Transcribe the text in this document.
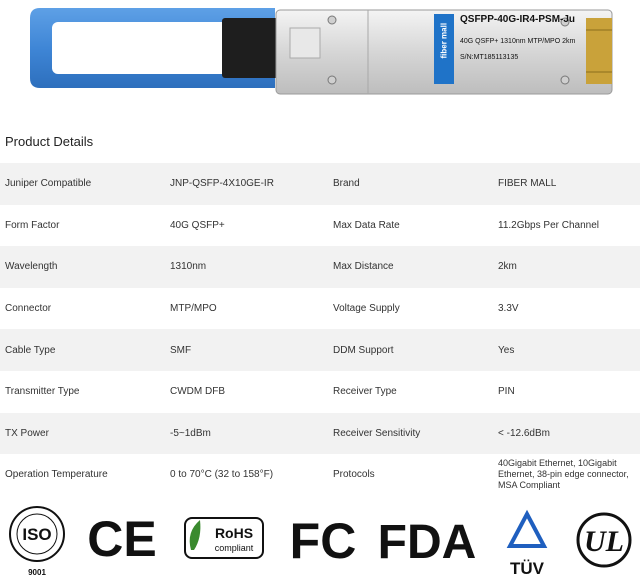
fiber mall
QSFPP-40G-IR4-PSM-Ju
40G QSFP+ 1310nm MTP/MPO 2km
S/N:MT185113135
Product Details
Juniper Compatible	JNP-QSFP-4X10GE-IR	Brand	FIBER MALL
Form Factor	40G QSFP+	Max Data Rate	11.2Gbps Per Channel
Wavelength	1310nm	Max Distance	2km
Connector	MTP/MPO	Voltage Supply	3.3V
Cable Type	SMF	DDM Support	Yes
Transmitter Type	CWDM DFB	Receiver Type	PIN
TX Power	-5~1dBm	Receiver Sensitivity	< -12.6dBm
Operation Temperature	0 to 70°C (32 to 158°F)	Protocols
40Gigabit Ethernet, 10Gigabit Ethernet, 38-pin edge connector, MSA Compliant
ISO
9001
CE	RoHS
compliant FC FDA TÜV
UL
